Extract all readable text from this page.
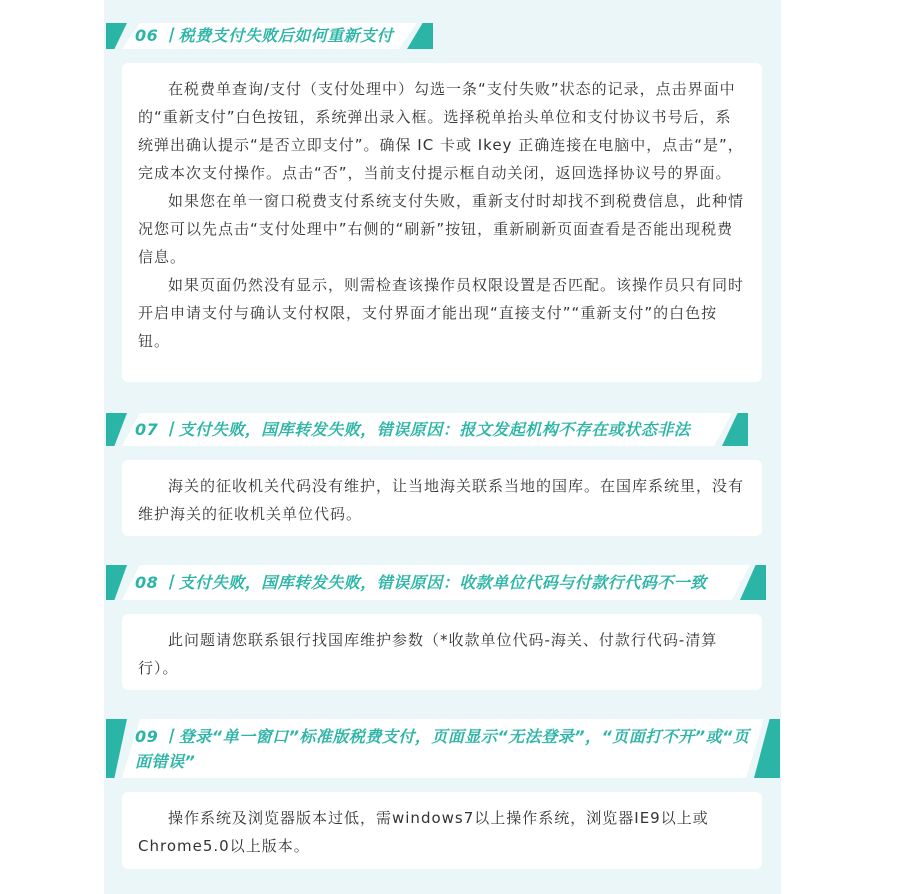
06 丨税费支付失败后如何重新支付

在税费单查询/支付（支付处理中）勾选一条“支付失败”状态的记录，点击界面中的“重新支付”白色按钮，系统弹出录入框。选择税单抬头单位和支付协议书号后，系统弹出确认提示“是否立即支付”。确保 IC 卡或 Ikey 正确连接在电脑中，点击“是”，完成本次支付操作。点击“否”，当前支付提示框自动关闭，返回选择协议号的界面。

如果您在单一窗口税费支付系统支付失败，重新支付时却找不到税费信息，此种情况您可以先点击“支付处理中”右侧的“刷新”按钮，重新刷新页面查看是否能出现税费信息。

如果页面仍然没有显示，则需检查该操作员权限设置是否匹配。该操作员只有同时开启申请支付与确认支付权限，支付界面才能出现“直接支付”“重新支付”的白色按钮。

07 丨支付失败，国库转发失败，错误原因：报文发起机构不存在或状态非法

海关的征收机关代码没有维护，让当地海关联系当地的国库。在国库系统里，没有维护海关的征收机关单位代码。

08 丨支付失败，国库转发失败，错误原因：收款单位代码与付款行代码不一致

此问题请您联系银行找国库维护参数（*收款单位代码-海关、付款行代码-清算行）。

09 丨登录“单一窗口”标准版税费支付，页面显示“无法登录”，“页面打不开”或“页面错误”

操作系统及浏览器版本过低，需windows7以上操作系统，浏览器IE9以上或Chrome5.0以上版本。
